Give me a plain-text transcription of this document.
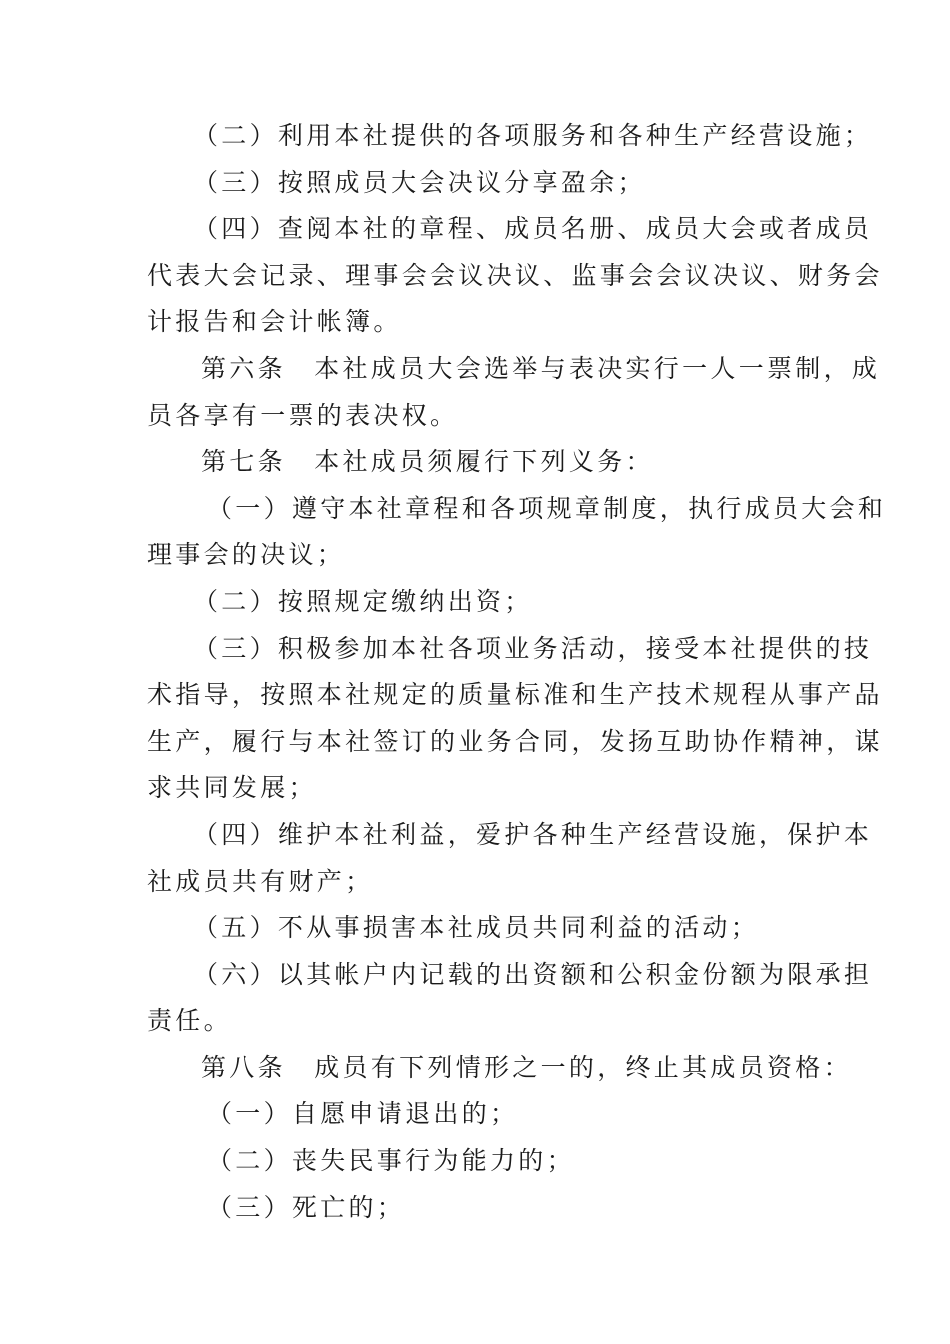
（二）利用本社提供的各项服务和各种生产经营设施；
（三）按照成员大会决议分享盈余；
（四）查阅本社的章程、成员名册、成员大会或者成员
代表大会记录、理事会会议决议、监事会会议决议、财务会
计报告和会计帐簿。
第六条　本社成员大会选举与表决实行一人一票制，成
员各享有一票的表决权。
第七条　本社成员须履行下列义务：
（一）遵守本社章程和各项规章制度，执行成员大会和
理事会的决议；
（二）按照规定缴纳出资；
（三）积极参加本社各项业务活动，接受本社提供的技
术指导，按照本社规定的质量标准和生产技术规程从事产品
生产，履行与本社签订的业务合同，发扬互助协作精神，谋
求共同发展；
（四）维护本社利益，爱护各种生产经营设施，保护本
社成员共有财产；
（五）不从事损害本社成员共同利益的活动；
（六）以其帐户内记载的出资额和公积金份额为限承担
责任。
第八条　成员有下列情形之一的，终止其成员资格：
（一）自愿申请退出的；
（二）丧失民事行为能力的；
（三）死亡的；
